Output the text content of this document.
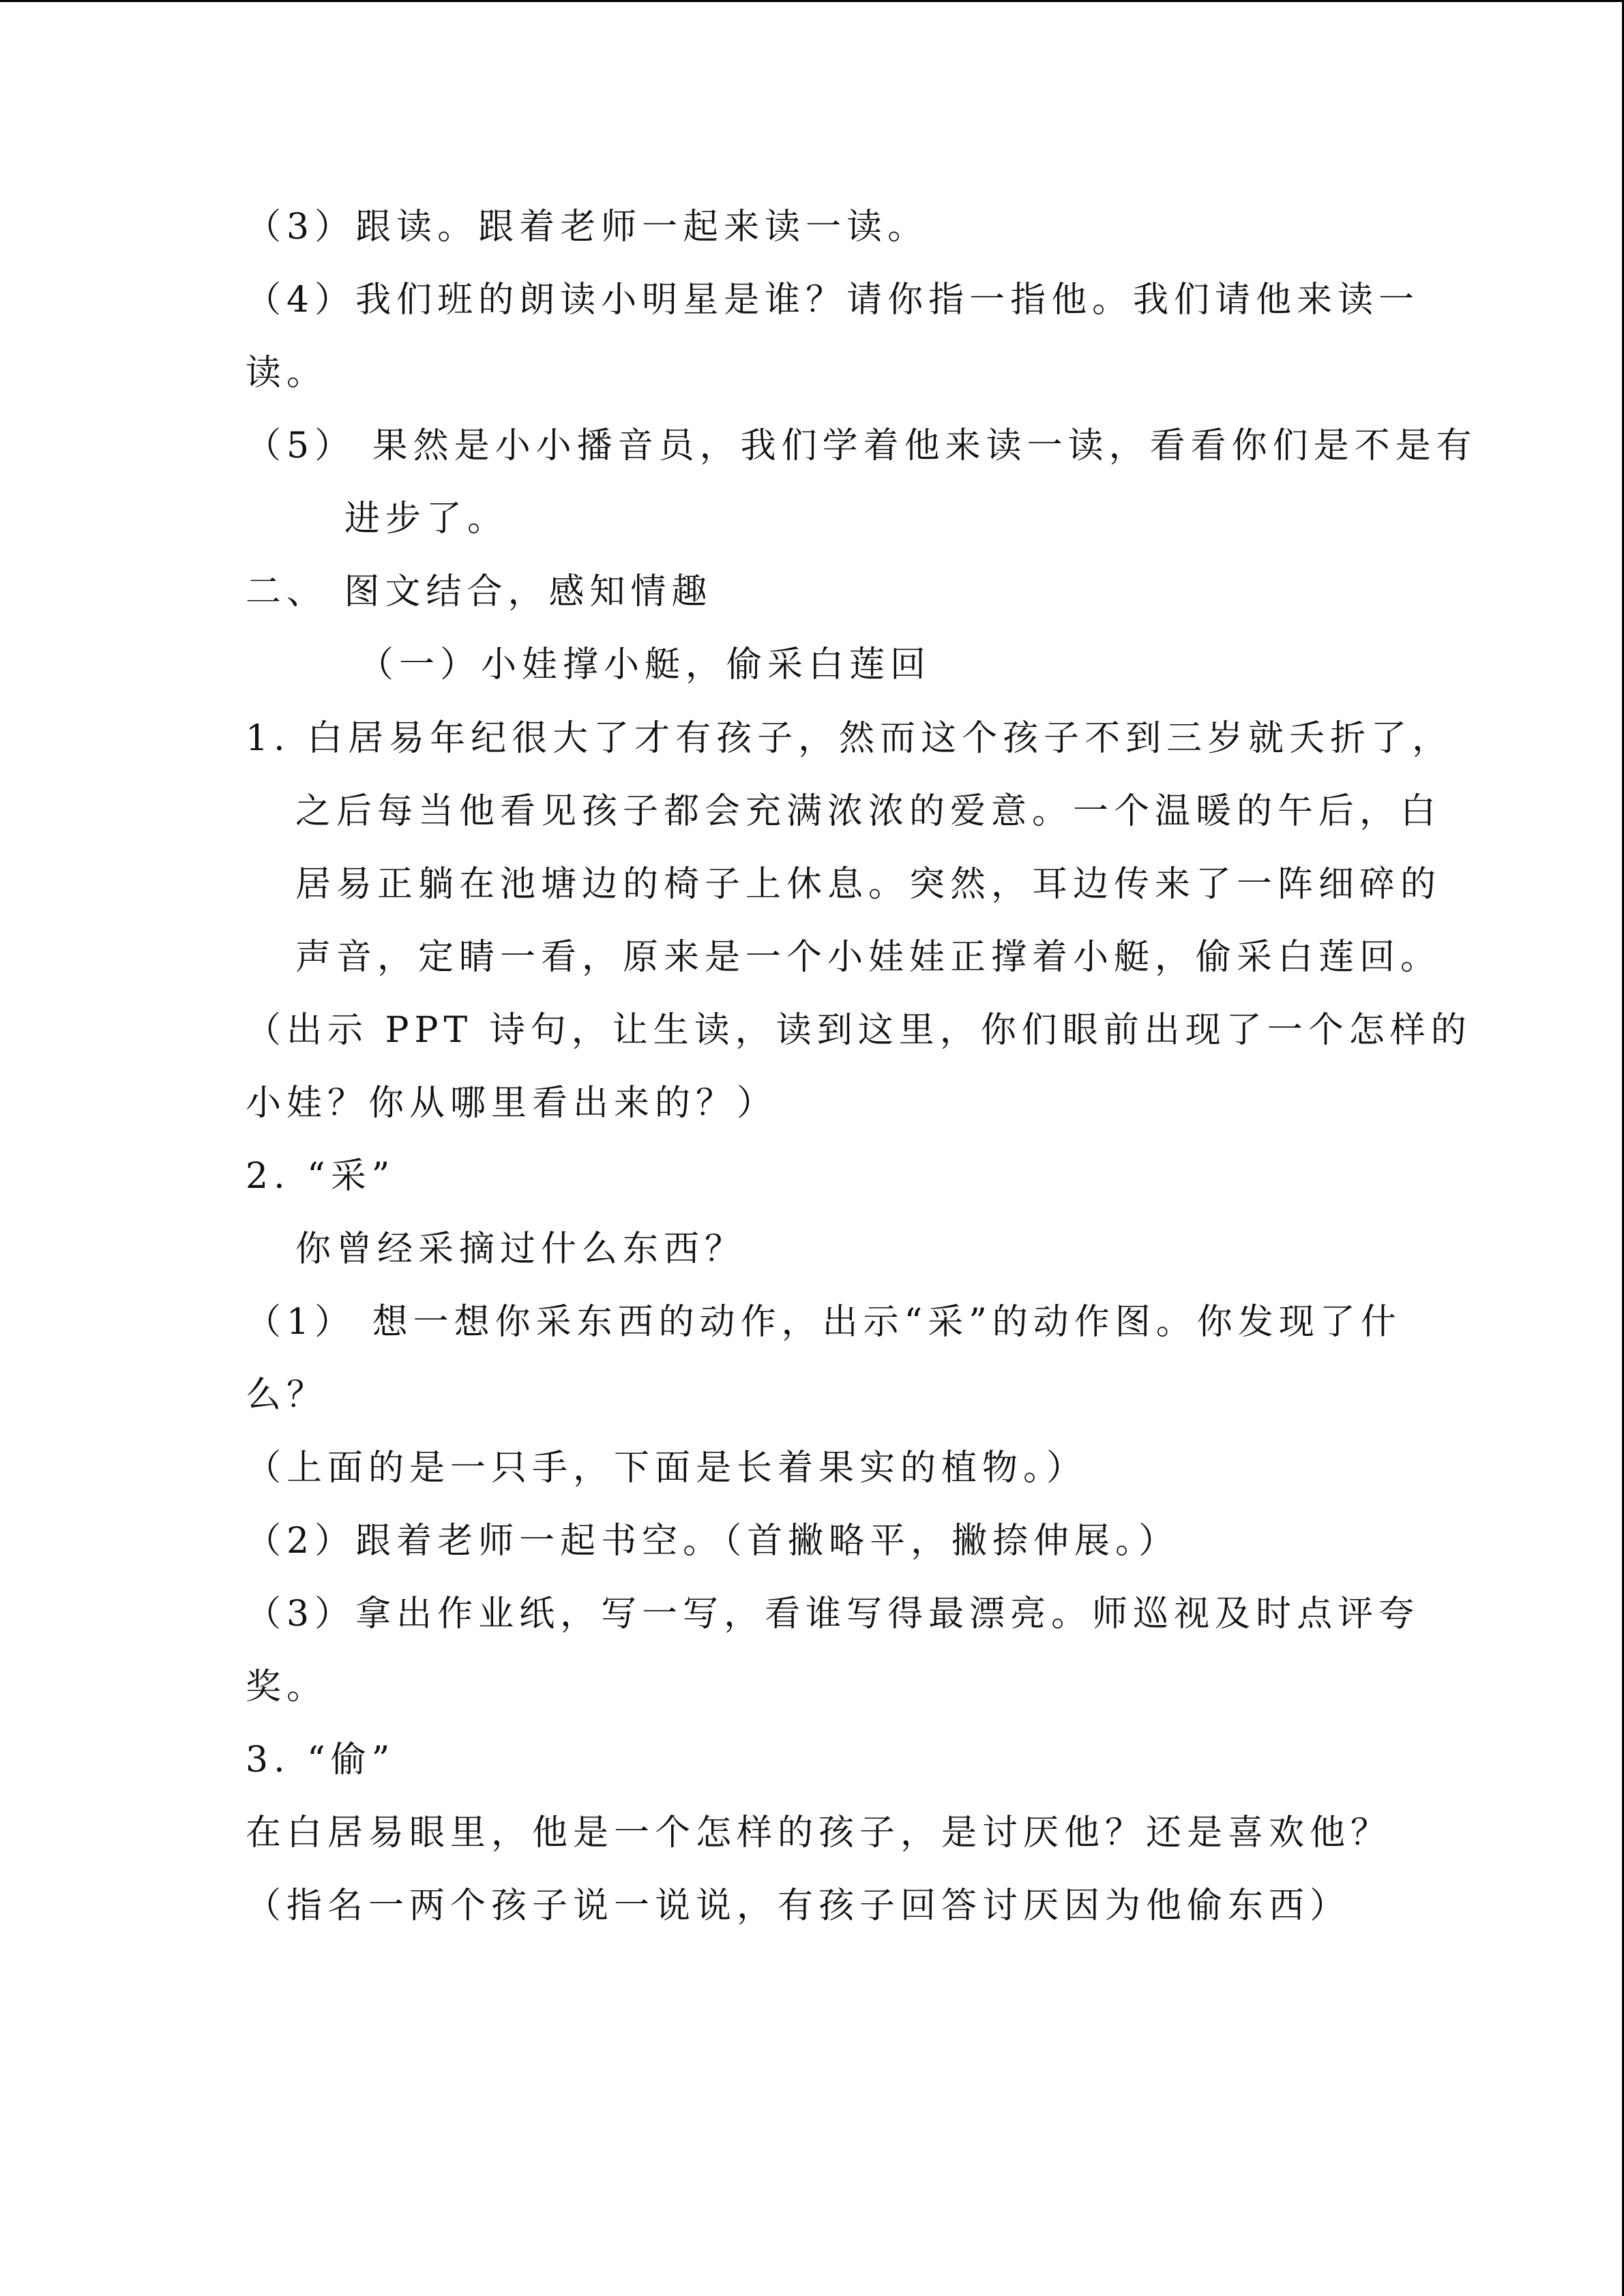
（3）跟读。跟着老师一起来读一读。
（4）我们班的朗读小明星是谁？请你指一指他。我们请他来读一
读。
（5） 果然是小小播音员，我们学着他来读一读，看看你们是不是有
进步了。
二、 图文结合，感知情趣
（一）小娃撑小艇，偷采白莲回
1. 白居易年纪很大了才有孩子，然而这个孩子不到三岁就夭折了，
之后每当他看见孩子都会充满浓浓的爱意。一个温暖的午后，白
居易正躺在池塘边的椅子上休息。突然，耳边传来了一阵细碎的
声音，定睛一看，原来是一个小娃娃正撑着小艇，偷采白莲回。
（出示 PPT 诗句，让生读，读到这里，你们眼前出现了一个怎样的
小娃？你从哪里看出来的？）
2. “采”
你曾经采摘过什么东西？
（1） 想一想你采东西的动作，出示“采”的动作图。你发现了什
么？
（上面的是一只手，下面是长着果实的植物。）
（2）跟着老师一起书空。（首撇略平，撇捺伸展。）
（3）拿出作业纸，写一写，看谁写得最漂亮。师巡视及时点评夸
奖。
3. “偷”
在白居易眼里，他是一个怎样的孩子，是讨厌他？还是喜欢他？
（指名一两个孩子说一说说，有孩子回答讨厌因为他偷东西）
